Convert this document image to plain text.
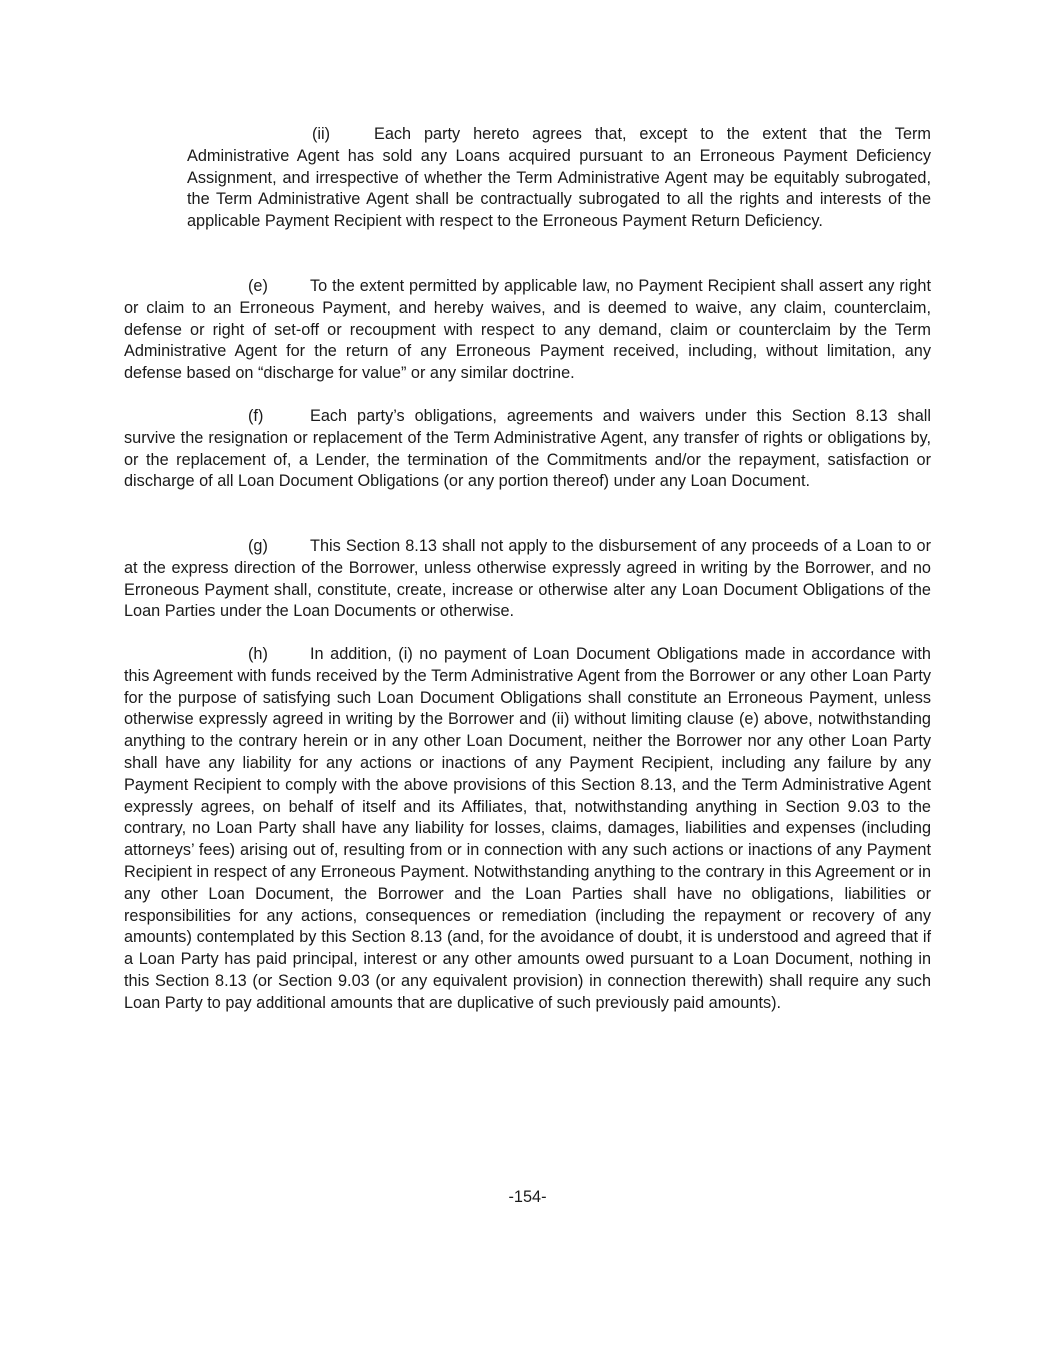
(ii)	Each party hereto agrees that, except to the extent that the Term Administrative Agent has sold any Loans acquired pursuant to an Erroneous Payment Deficiency Assignment, and irrespective of whether the Term Administrative Agent may be equitably subrogated, the Term Administrative Agent shall be contractually subrogated to all the rights and interests of the applicable Payment Recipient with respect to the Erroneous Payment Return Deficiency.

(e)	To the extent permitted by applicable law, no Payment Recipient shall assert any right or claim to an Erroneous Payment, and hereby waives, and is deemed to waive, any claim, counterclaim, defense or right of set-off or recoupment with respect to any demand, claim or counterclaim by the Term Administrative Agent for the return of any Erroneous Payment received, including, without limitation, any defense based on “discharge for value” or any similar doctrine.

(f)	Each party’s obligations, agreements and waivers under this Section 8.13 shall survive the resignation or replacement of the Term Administrative Agent, any transfer of rights or obligations by, or the replacement of, a Lender, the termination of the Commitments and/or the repayment, satisfaction or discharge of all Loan Document Obligations (or any portion thereof) under any Loan Document.

(g)	This Section 8.13 shall not apply to the disbursement of any proceeds of a Loan to or at the express direction of the Borrower, unless otherwise expressly agreed in writing by the Borrower, and no Erroneous Payment shall, constitute, create, increase or otherwise alter any Loan Document Obligations of the Loan Parties under the Loan Documents or otherwise.

(h)	In addition, (i) no payment of Loan Document Obligations made in accordance with this Agreement with funds received by the Term Administrative Agent from the Borrower or any other Loan Party for the purpose of satisfying such Loan Document Obligations shall constitute an Erroneous Payment, unless otherwise expressly agreed in writing by the Borrower and (ii) without limiting clause (e) above, notwithstanding anything to the contrary herein or in any other Loan Document, neither the Borrower nor any other Loan Party shall have any liability for any actions or inactions of any Payment Recipient, including any failure by any Payment Recipient to comply with the above provisions of this Section 8.13, and the Term Administrative Agent expressly agrees, on behalf of itself and its Affiliates, that, notwithstanding anything in Section 9.03 to the contrary, no Loan Party shall have any liability for losses, claims, damages, liabilities and expenses (including attorneys’ fees) arising out of, resulting from or in connection with any such actions or inactions of any Payment Recipient in respect of any Erroneous Payment. Notwithstanding anything to the contrary in this Agreement or in any other Loan Document, the Borrower and the Loan Parties shall have no obligations, liabilities or responsibilities for any actions, consequences or remediation (including the repayment or recovery of any amounts) contemplated by this Section 8.13 (and, for the avoidance of doubt, it is understood and agreed that if a Loan Party has paid principal, interest or any other amounts owed pursuant to a Loan Document, nothing in this Section 8.13 (or Section 9.03 (or any equivalent provision) in connection therewith) shall require any such Loan Party to pay additional amounts that are duplicative of such previously paid amounts).

-154-
